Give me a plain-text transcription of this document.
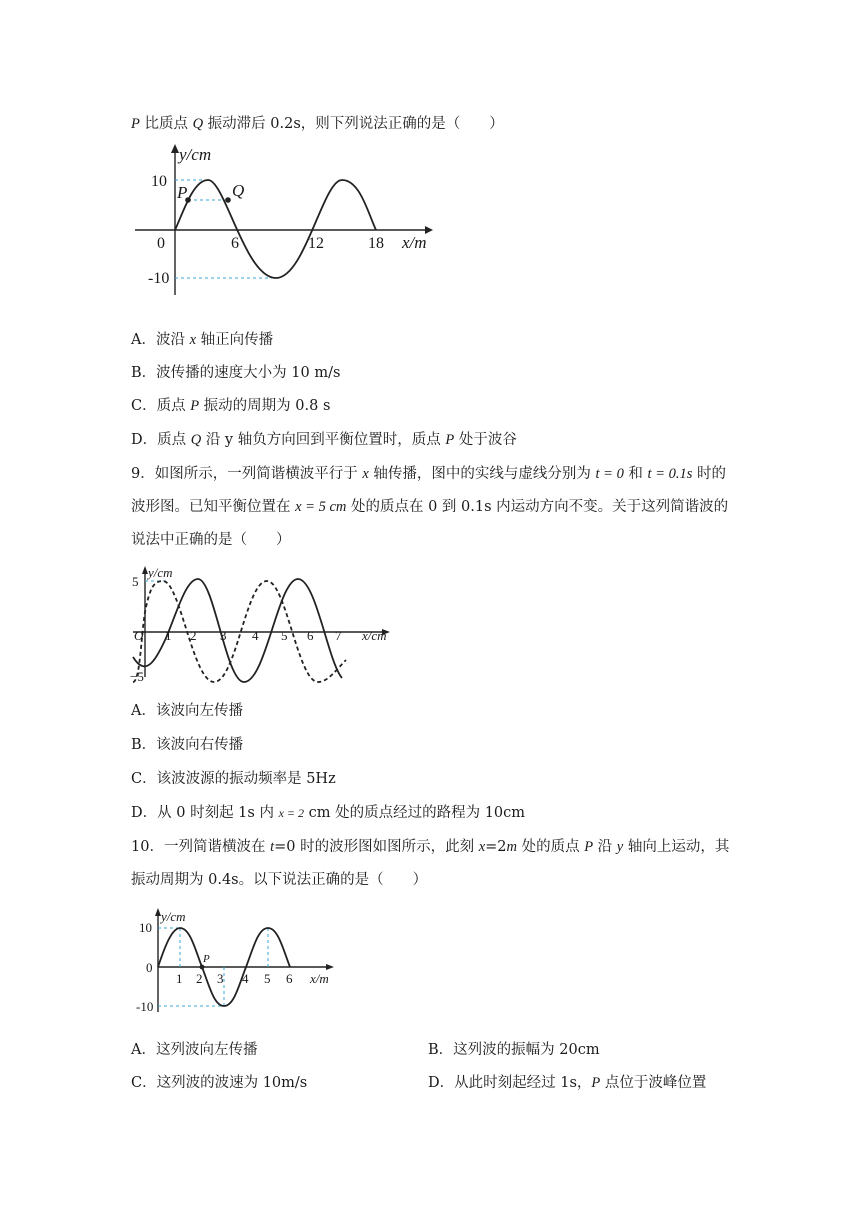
P 比质点 Q 振动滞后 0.2s，则下列说法正确的是（　　）
y/cm
10
-10
0	6	12	18 x/m
P	Q
A．波沿 x 轴正向传播
B．波传播的速度大小为 10 m/s
C．质点 P 振动的周期为 0.8 s
D．质点 Q 沿 y 轴负方向回到平衡位置时，质点 P 处于波谷
9．如图所示，一列简谐横波平行于 x 轴传播，图中的实线与虚线分别为 t = 0 和 t = 0.1s 时的
波形图。已知平衡位置在 x = 5 cm 处的质点在 0 到 0.1s 内运动方向不变。关于这列简谐波的
说法中正确的是（　　）
y/cm
5
−5
O 1 2 3 4 5 6 7 x/cm
A．该波向左传播
B．该波向右传播
C．该波波源的振动频率是 5Hz
D．从 0 时刻起 1s 内 x = 2 cm 处的质点经过的路程为 10cm
10．一列简谐横波在 t=0 时的波形图如图所示，此刻 x=2m 处的质点 P 沿 y 轴向上运动，其
振动周期为 0.4s。以下说法正确的是（　　）
y/cm
10
-10
0
1 2 3 4 5 6 x/m
P
A．这列波向左传播	B．这列波的振幅为 20cm
C．这列波的波速为 10m/s	D．从此时刻起经过 1s，P 点位于波峰位置
